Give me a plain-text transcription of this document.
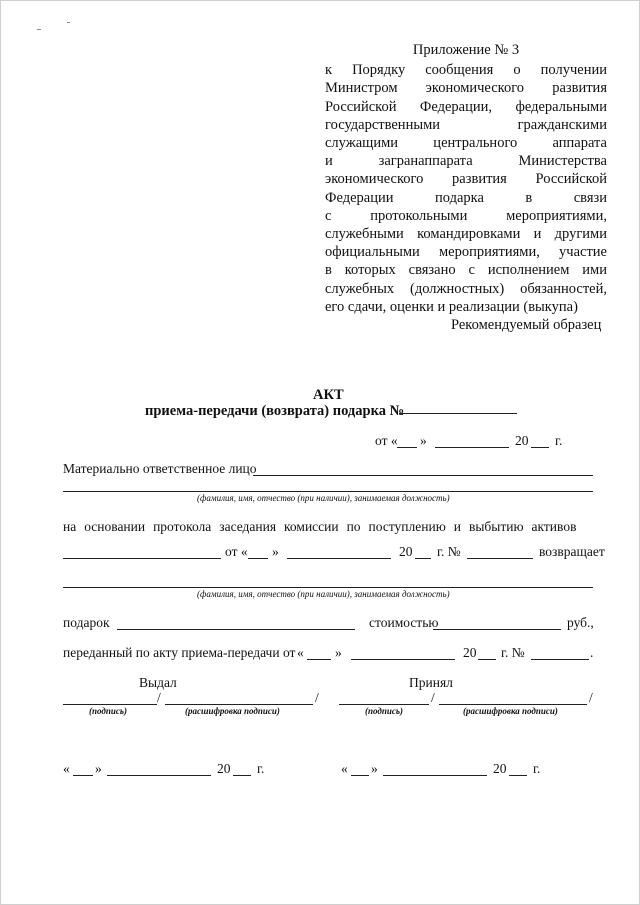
Приложение № 3
к Порядку сообщения о получении
Министром экономического развития
Российской Федерации, федеральными
государственными гражданскими
служащими центрального аппарата
и загранаппарата Министерства
экономического развития Российской
Федерации подарка в связи
с протокольными мероприятиями,
служебными командировками и другими
официальными мероприятиями, участие
в которых связано с исполнением ими
служебных (должностных) обязанностей,
его сдачи, оценки и реализации (выкупа)
Рекомендуемый образец
АКТ
приема-передачи (возврата) подарка №
от « »	20 г.
Материально ответственное лицо
(фамилия, имя, отчество (при наличии), занимаемая должность)
на основании протокола заседания комиссии по поступлению и выбытию активов
от « »	20 г. №	возвращает
(фамилия, имя, отчество (при наличии), занимаемая должность)
подарок	стоимостью	руб.,
переданный по акту приема-передачи от « »	20 г. №	.
Выдал	Принял
/	/	/	/
(подпись)	(расшифровка подписи)	(подпись)	(расшифровка подписи)
« »	20 г.	« »	20 г.
